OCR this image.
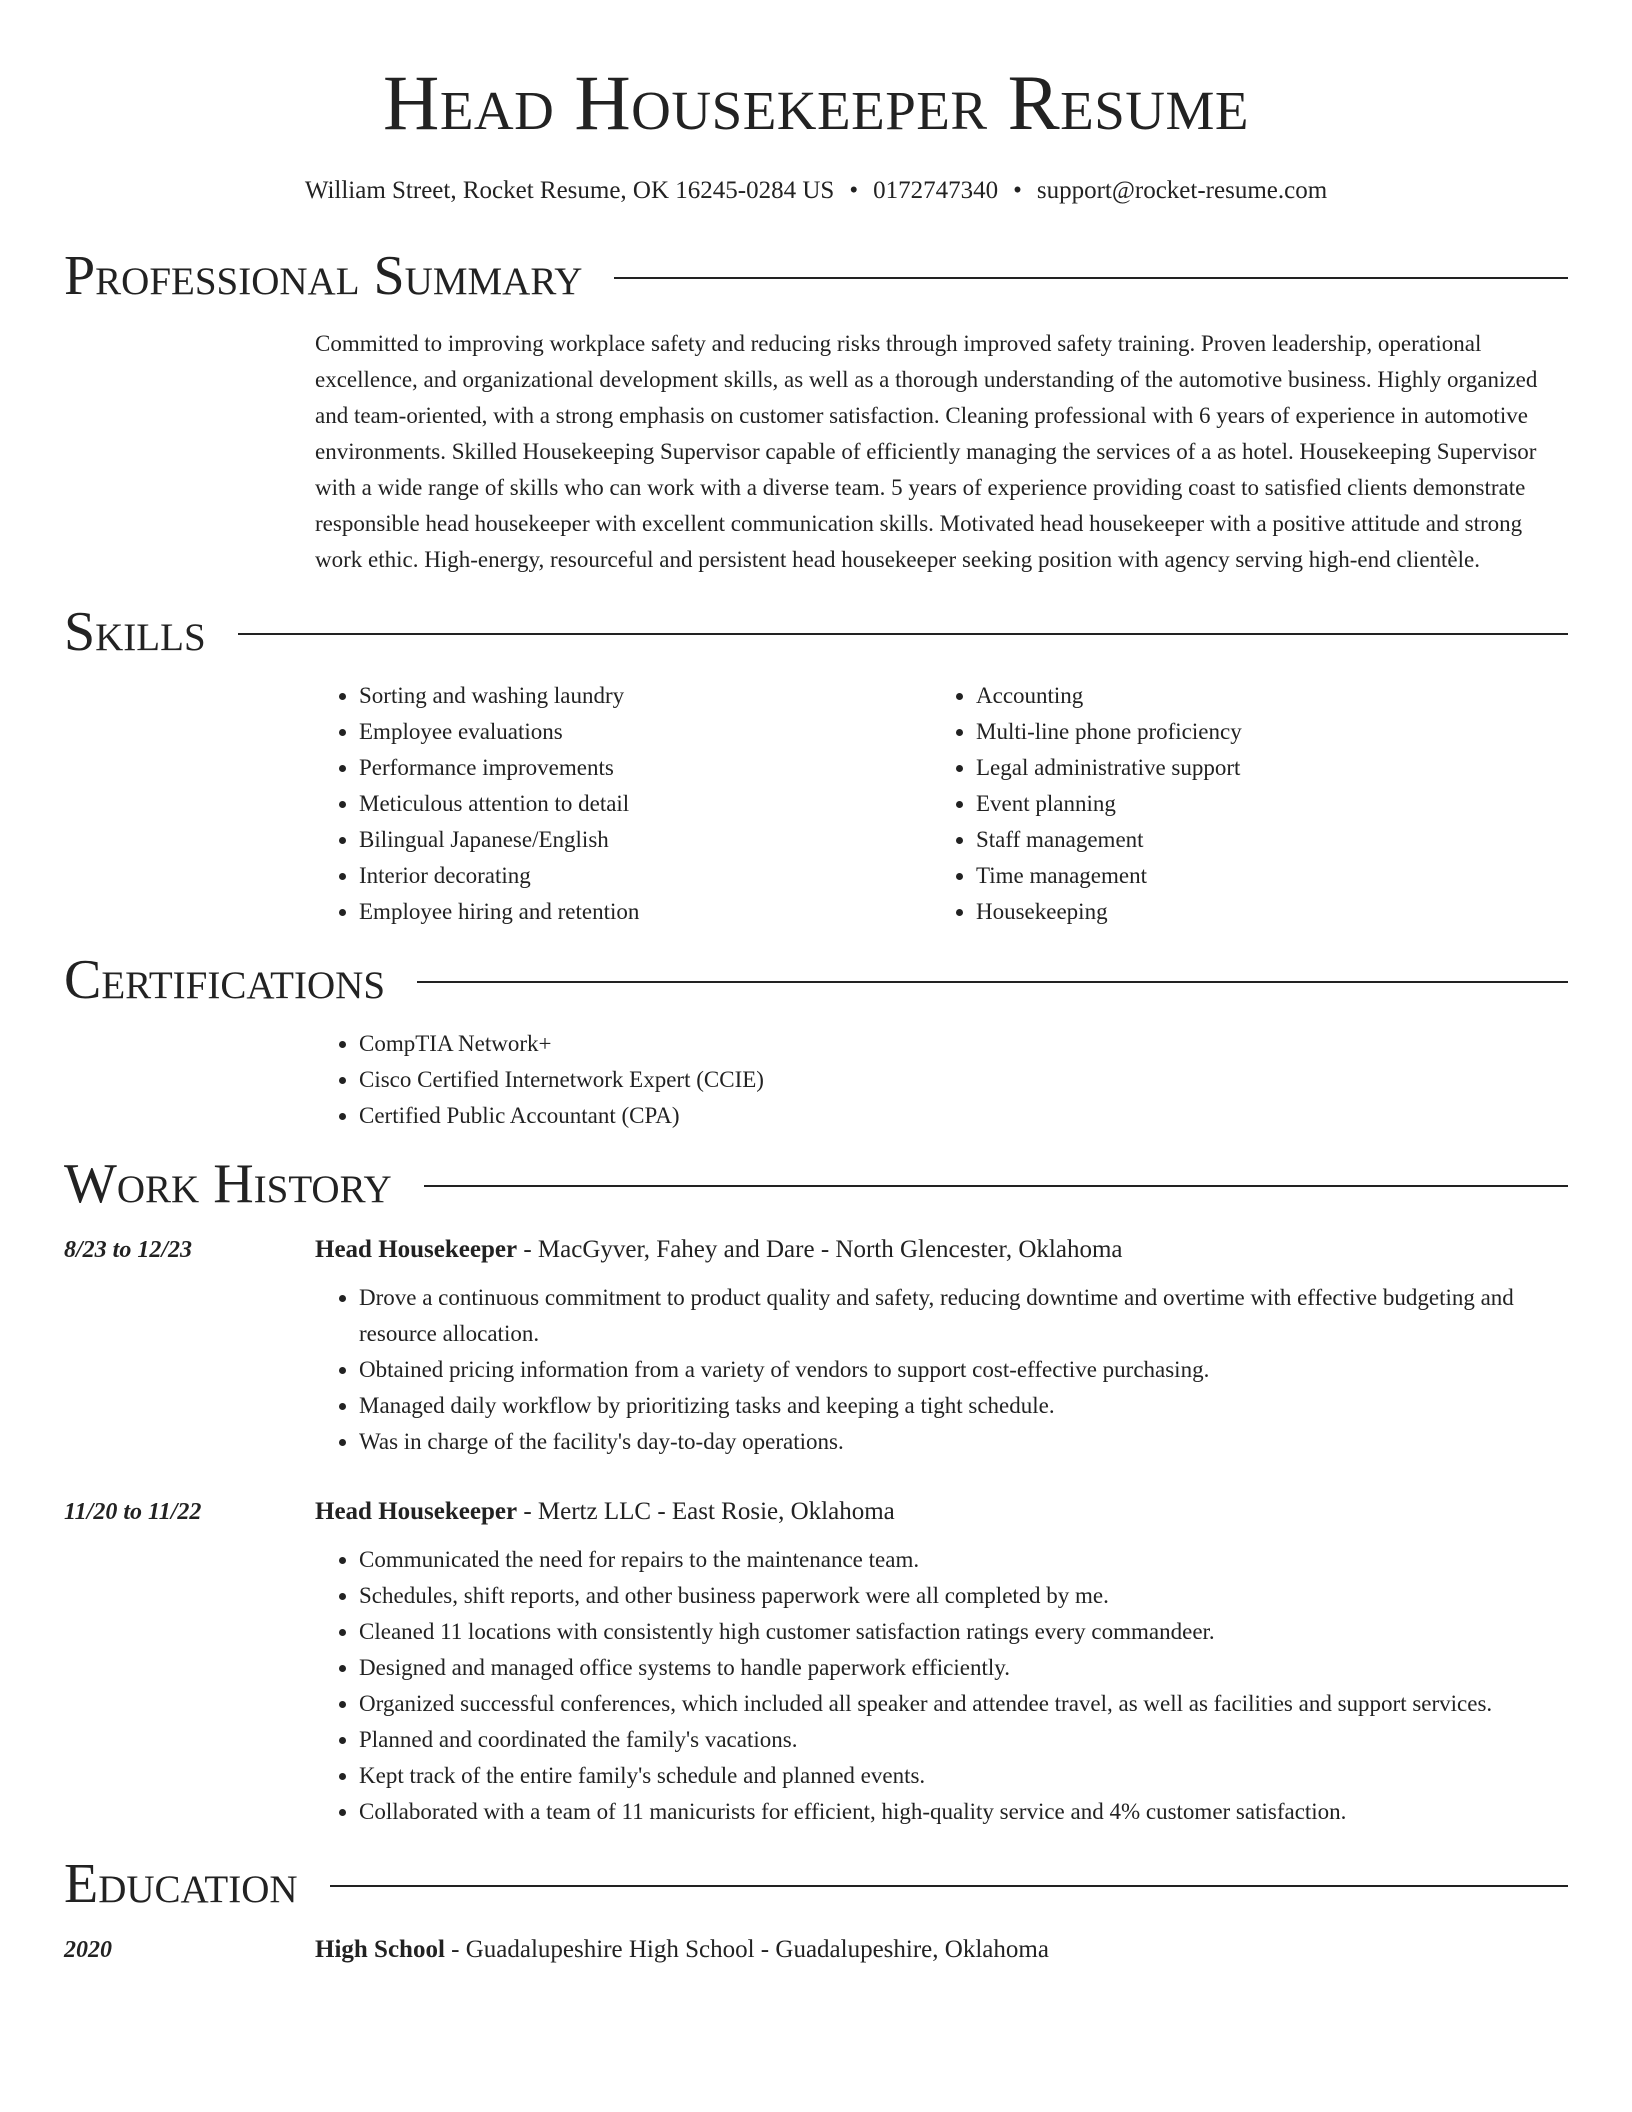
Head Housekeeper Resume
William Street, Rocket Resume, OK 16245-0284 US • 0172747340 • support@rocket-resume.com
Professional Summary
Committed to improving workplace safety and reducing risks through improved safety training. Proven leadership, operational excellence, and organizational development skills, as well as a thorough understanding of the automotive business. Highly organized and team-oriented, with a strong emphasis on customer satisfaction. Cleaning professional with 6 years of experience in automotive environments. Skilled Housekeeping Supervisor capable of efficiently managing the services of a as hotel. Housekeeping Supervisor with a wide range of skills who can work with a diverse team. 5 years of experience providing coast to satisfied clients demonstrate responsible head housekeeper with excellent communication skills. Motivated head housekeeper with a positive attitude and strong work ethic. High-energy, resourceful and persistent head housekeeper seeking position with agency serving high-end clientèle.
Skills
• Sorting and washing laundry
• Employee evaluations
• Performance improvements
• Meticulous attention to detail
• Bilingual Japanese/English
• Interior decorating
• Employee hiring and retention
• Accounting
• Multi-line phone proficiency
• Legal administrative support
• Event planning
• Staff management
• Time management
• Housekeeping
Certifications
• CompTIA Network+
• Cisco Certified Internetwork Expert (CCIE)
• Certified Public Accountant (CPA)
Work History
8/23 to 12/23	Head Housekeeper - MacGyver, Fahey and Dare - North Glencester, Oklahoma
• Drove a continuous commitment to product quality and safety, reducing downtime and overtime with effective budgeting and resource allocation.
• Obtained pricing information from a variety of vendors to support cost-effective purchasing.
• Managed daily workflow by prioritizing tasks and keeping a tight schedule.
• Was in charge of the facility's day-to-day operations.
11/20 to 11/22	Head Housekeeper - Mertz LLC - East Rosie, Oklahoma
• Communicated the need for repairs to the maintenance team.
• Schedules, shift reports, and other business paperwork were all completed by me.
• Cleaned 11 locations with consistently high customer satisfaction ratings every commandeer.
• Designed and managed office systems to handle paperwork efficiently.
• Organized successful conferences, which included all speaker and attendee travel, as well as facilities and support services.
• Planned and coordinated the family's vacations.
• Kept track of the entire family's schedule and planned events.
• Collaborated with a team of 11 manicurists for efficient, high-quality service and 4% customer satisfaction.
Education
2020	High School - Guadalupeshire High School - Guadalupeshire, Oklahoma
